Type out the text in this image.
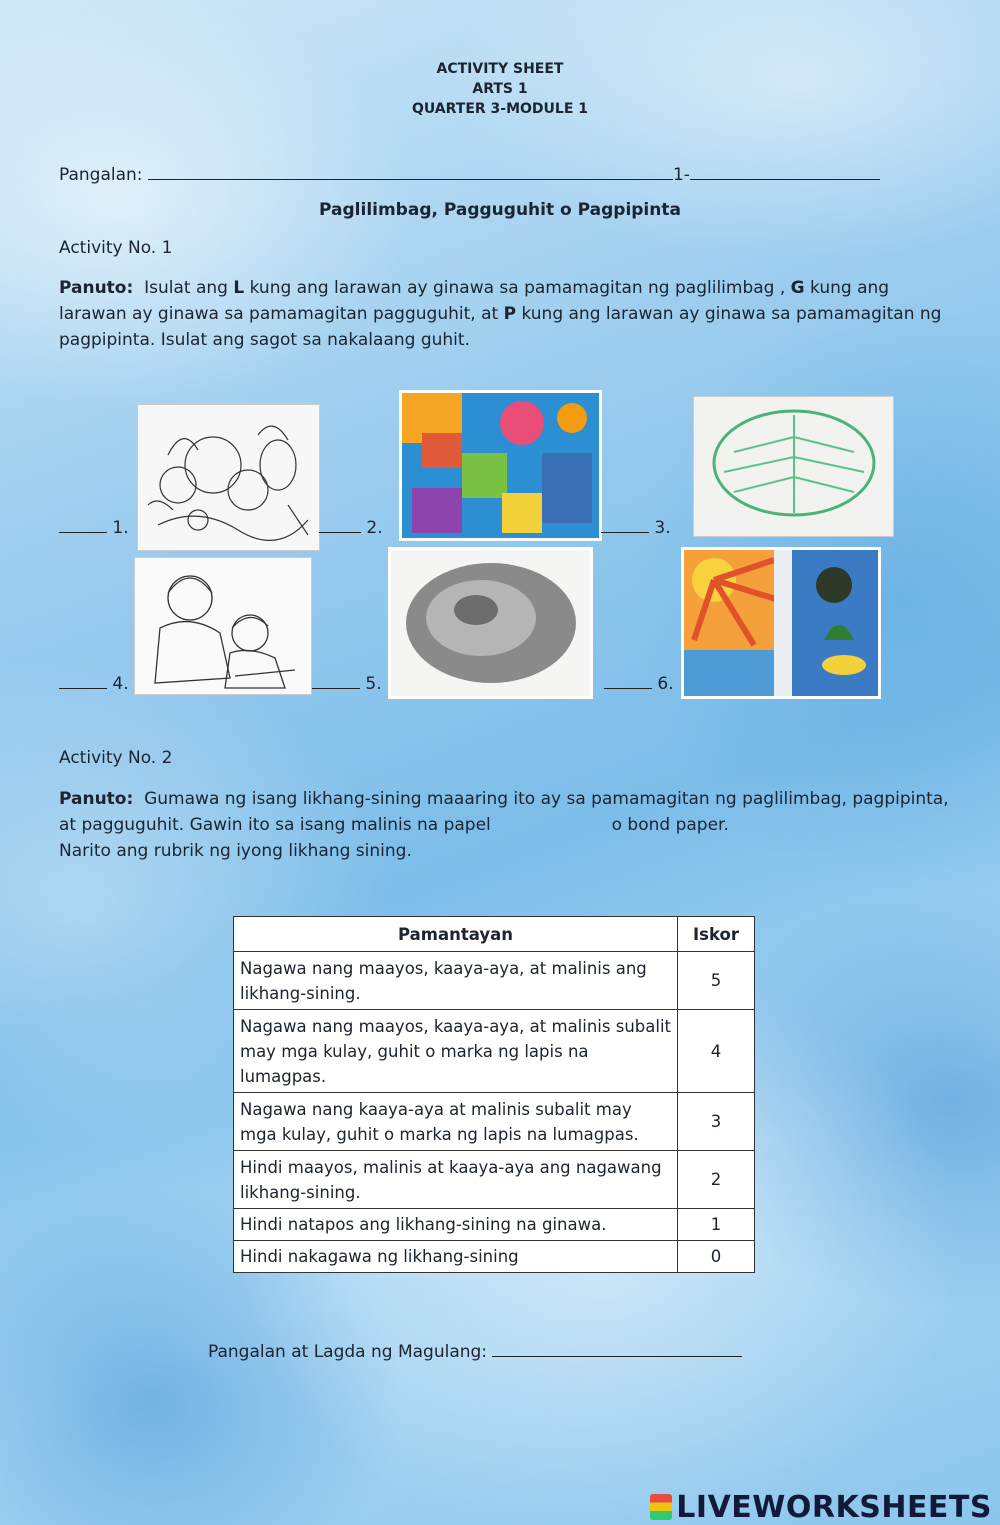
ACTIVITY SHEET
ARTS 1
QUARTER 3-MODULE 1
Pangalan:	1-
Paglilimbag, Pagguguhit o Pagpipinta
Activity No. 1
Panuto: Isulat ang L kung ang larawan ay ginawa sa pamamagitan ng paglilimbag , G kung ang larawan ay ginawa sa pamamagitan pagguguhit, at P kung ang larawan ay ginawa sa pamamagitan ng pagpipinta. Isulat ang sagot sa nakalaang guhit.
1.	2.	3.
4.	5.	6.
Activity No. 2
Panuto: Gumawa ng isang likhang-sining maaaring ito ay sa pamamagitan ng paglilimbag, pagpipinta, at pagguguhit. Gawin ito sa isang malinis na papel	o bond paper.
Narito ang rubrik ng iyong likhang sining.
Pamantayan	Iskor
Nagawa nang maayos, kaaya-aya, at malinis ang likhang-sining.	5
Nagawa nang maayos, kaaya-aya, at malinis subalit may mga kulay, guhit o marka ng lapis na lumagpas.	4
Nagawa nang kaaya-aya at malinis subalit may mga kulay, guhit o marka ng lapis na lumagpas.	3
Hindi maayos, malinis at kaaya-aya ang nagawang likhang-sining.	2
Hindi natapos ang likhang-sining na ginawa.	1
Hindi nakagawa ng likhang-sining	0
Pangalan at Lagda ng Magulang:
LIVEWORKSHEETS
